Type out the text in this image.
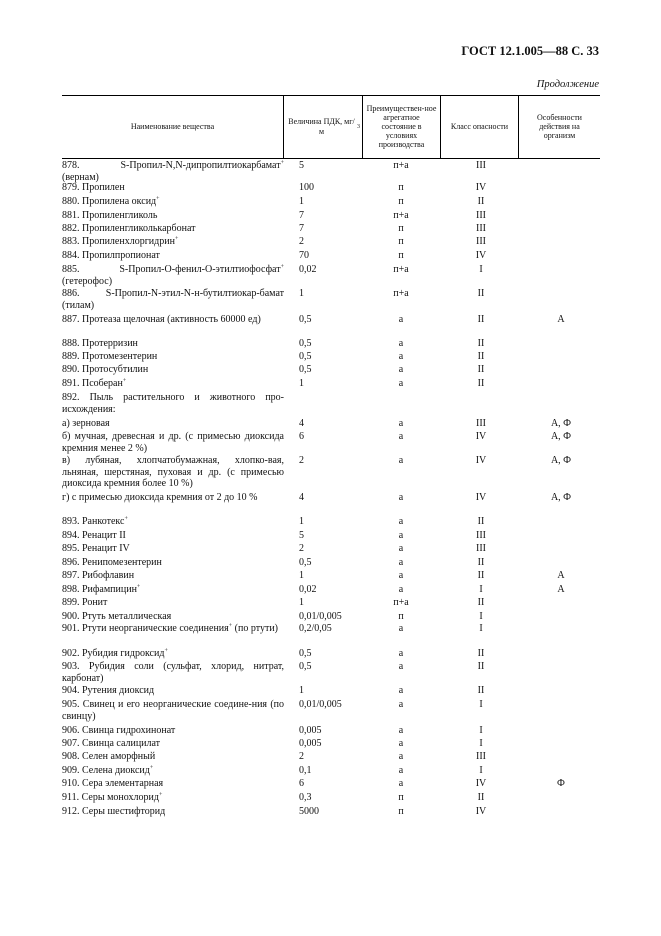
ГОСТ 12.1.005—88 С. 33
Продолжение
Наименование вещества
Величина ПДК, мг/м	3
Преимуществен-ное агрегатное состояние в условиях производства
Класс опасности
Особенности действия на организм
878. S-Пропил-N,N-дипропилтиокарбамат+ (вернам)
5	п+а	III
879. Пропилен	100	п	IV
880. Пропилена оксид+	1	п	II
881. Пропиленгликоль	7	п+а	III
882. Пропиленгликолькарбонат	7	п	III
883. Пропиленхлоргидрин+	2	п	III
884. Пропилпропионат	70	п	IV
885. S-Пропил-О-фенил-О-этилтиофосфат+ (гетерофос)
0,02	п+а	I
886. S-Пропил-N-этил-N-н-бутилтиокар-бамат (тилам)
1	п+а	II
887. Протеаза щелочная (активность 60000 ед)	0,5	а	II	А
888. Протерризин	0,5	а	II
889. Протомезентерин	0,5	а	II
890. Протосубтилин	0,5	а	II
891. Псоберан+	1	а	II
892. Пыль растительного и животного про-исхождения:
а) зерновая	4	а	III	А, Ф
б) мучная, древесная и др. (с примесью диоксида кремния менее 2 %)
6	а	IV	А, Ф
в) лубяная, хлопчатобумажная, хлопко-вая, льняная, шерстяная, пуховая и др. (с примесью диоксида кремния более 10 %)
2	а	IV	А, Ф
г) с примесью диоксида кремния от 2 до 10 %	4	а	IV	А, Ф
893. Ранкотекс+	1	а	II
894. Ренацит II	5	а	III
895. Ренацит IV	2	а	III
896. Ренипомезентерин	0,5	а	II
897. Рибофлавин	1	а	II	А
898. Рифампицин+	0,02	а	I	А
899. Ронит	1	п+а	II
900. Ртуть металлическая	0,01/0,005	п	I
901. Ртути неорганические соединения+ (по ртути)	0,2/0,05	а	I
902. Рубидия гидроксид+	0,5	а	II
903. Рубидия соли (сульфат, хлорид, нитрат, карбонат)
0,5	а	II
904. Рутения диоксид	1	а	II
905. Свинец и его неорганические соедине-ния (по свинцу)
0,01/0,005	а	I
906. Свинца гидрохинонат	0,005	а	I
907. Свинца салицилат	0,005	а	I
908. Селен аморфный	2	а	III
909. Селена диоксид+	0,1	а	I
910. Сера элементарная	6	а	IV	Ф
911. Серы монохлорид+	0,3	п	II
912. Серы шестифторид	5000	п	IV
